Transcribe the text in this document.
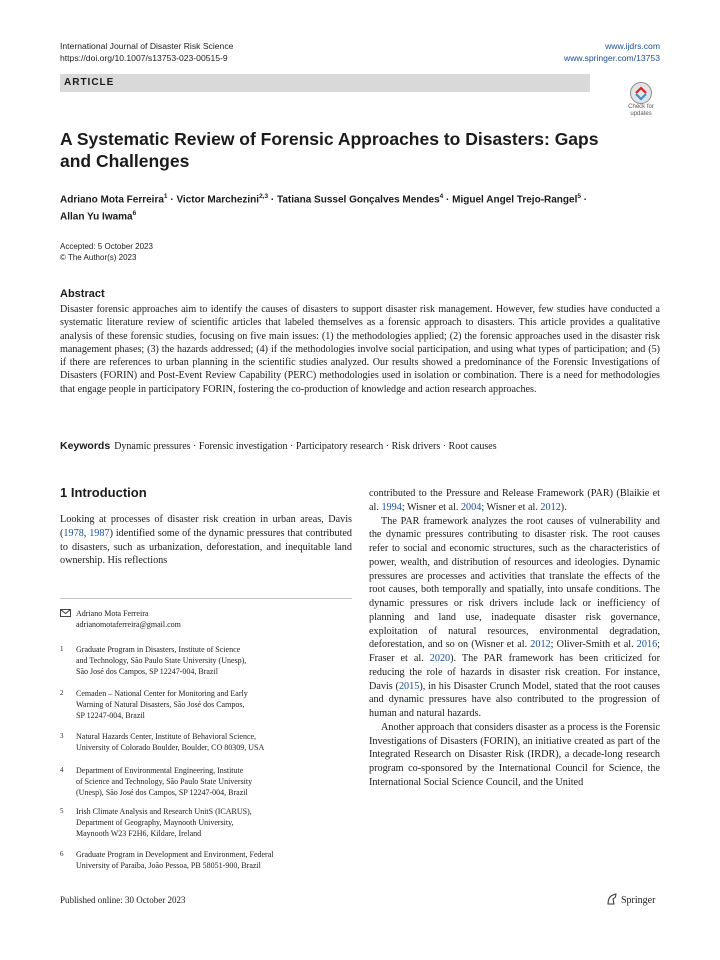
International Journal of Disaster Risk Science
https://doi.org/10.1007/s13753-023-00515-9
www.ijdrs.com
www.springer.com/13753
ARTICLE
Check for updates
A Systematic Review of Forensic Approaches to Disasters: Gaps and Challenges
Adriano Mota Ferreira$^1$ · Victor Marchezini$^{2,3}$ · Tatiana Sussel Gonçalves Mendes$^4$ · Miguel Angel Trejo-Rangel$^5$ ·
Allan Yu Iwama$^6$
Accepted: 5 October 2023
© The Author(s) 2023
Abstract
Disaster forensic approaches aim to identify the causes of disasters to support disaster risk management. However, few studies have conducted a systematic literature review of scientific articles that labeled themselves as a forensic approach to disasters. This article provides a qualitative analysis of these forensic studies, focusing on five main issues: (1) the methodologies applied; (2) the forensic approaches used in the disaster risk management phases; (3) the hazards addressed; (4) if the methodologies involve social participation, and using what types of participation; and (5) if there are references to urban planning in the scientific studies analyzed. Our results showed a predominance of the Forensic Investigations of Disasters (FORIN) and Post-Event Review Capability (PERC) methodologies used in isolation or combination. There is a need for methodologies that engage people in participatory FORIN, fostering the co-production of knowledge and action research approaches.
Keywords Dynamic pressures · Forensic investigation · Participatory research · Risk drivers · Root causes
1 Introduction

Looking at processes of disaster risk creation in urban areas, Davis (1978, 1987) identified some of the dynamic pressures that contributed to disasters, such as urbanization, deforestation, and inequitable land ownership. His reflections

contributed to the Pressure and Release Framework (PAR) (Blaikie et al. 1994; Wisner et al. 2004; Wisner et al. 2012).

The PAR framework analyzes the root causes of vulnerability and the dynamic pressures contributing to disaster risk. The root causes refer to social and economic structures, such as the characteristics of power, wealth, and distribution of resources and ideologies. Dynamic pressures are processes and activities that translate the effects of the root causes, both temporally and spatially, into unsafe conditions. The dynamic pressures or risk drivers include lack or inefficiency of planning and land use, inadequate disaster risk governance, exploitation of natural resources, environmental degradation, deforestation, and so on (Wisner et al. 2012; Oliver-Smith et al. 2016; Fraser et al. 2020). The PAR framework has been criticized for reducing the role of hazards in disaster risk creation. For instance, Davis (2015), in his Disaster Crunch Model, stated that the root causes and dynamic pressures have also contributed to the progression of human and natural hazards.

Another approach that considers disaster as a process is the Forensic Investigations of Disasters (FORIN), an initiative created as part of the Integrated Research on Disaster Risk (IRDR), a decade-long research program co-sponsored by the International Council for Science, the International Social Science Council, and the United

Adriano Mota Ferreira
adrianomotaferreira@gmail.com
1 Graduate Program in Disasters, Institute of Science
and Technology, São Paulo State University (Unesp),
São José dos Campos, SP 12247-004, Brazil
2 Cemaden – National Center for Monitoring and Early
Warning of Natural Disasters, São José dos Campos,
SP 12247-004, Brazil
3 Natural Hazards Center, Institute of Behavioral Science,
University of Colorado Boulder, Boulder, CO 80309, USA
4 Department of Environmental Engineering, Institute
of Science and Technology, São Paulo State University
(Unesp), São José dos Campos, SP 12247-004, Brazil
5 Irish Climate Analysis and Research UnitS (ICARUS),
Department of Geography, Maynooth University,
Maynooth W23 F2H6, Kildare, Ireland
6 Graduate Program in Development and Environment, Federal
University of Paraíba, João Pessoa, PB 58051-900, Brazil
Published online: 30 October 2023	Springer
